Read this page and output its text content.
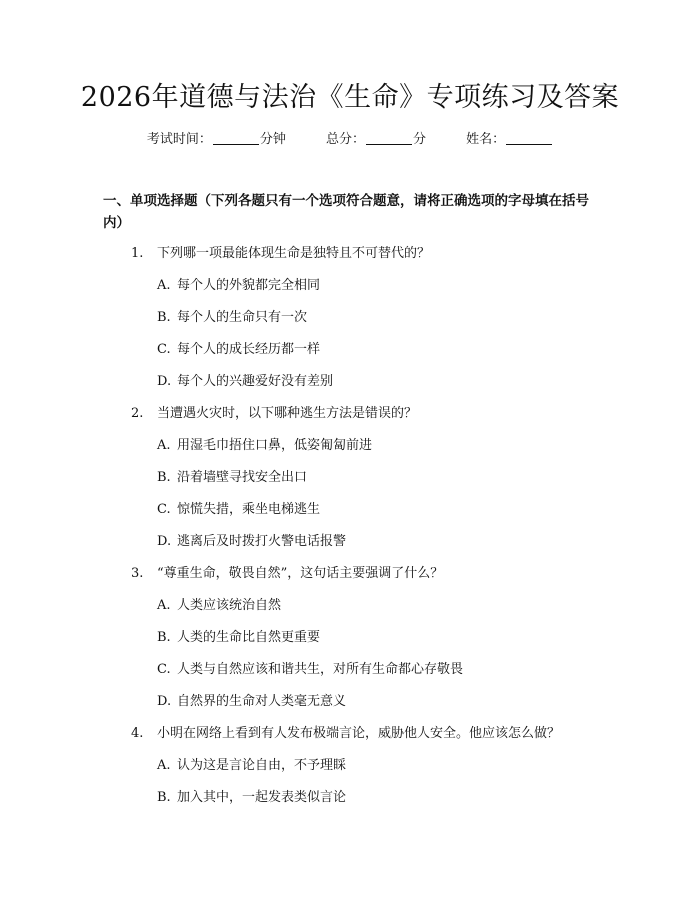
2026年道德与法治《生命》专项练习及答案
考试时间：	分钟	总分：	分	姓名：
一、单项选择题（下列各题只有一个选项符合题意，请将正确选项的字母填在括号内）
1. 下列哪一项最能体现生命是独特且不可替代的？
A. 每个人的外貌都完全相同
B. 每个人的生命只有一次
C. 每个人的成长经历都一样
D. 每个人的兴趣爱好没有差别
2. 当遭遇火灾时，以下哪种逃生方法是错误的？
A. 用湿毛巾捂住口鼻，低姿匍匐前进
B. 沿着墙壁寻找安全出口
C. 惊慌失措，乘坐电梯逃生
D. 逃离后及时拨打火警电话报警
3. “尊重生命，敬畏自然”，这句话主要强调了什么？
A. 人类应该统治自然
B. 人类的生命比自然更重要
C. 人类与自然应该和谐共生，对所有生命都心存敬畏
D. 自然界的生命对人类毫无意义
4. 小明在网络上看到有人发布极端言论，威胁他人安全。他应该怎么做？
A. 认为这是言论自由，不予理睬
B. 加入其中，一起发表类似言论
